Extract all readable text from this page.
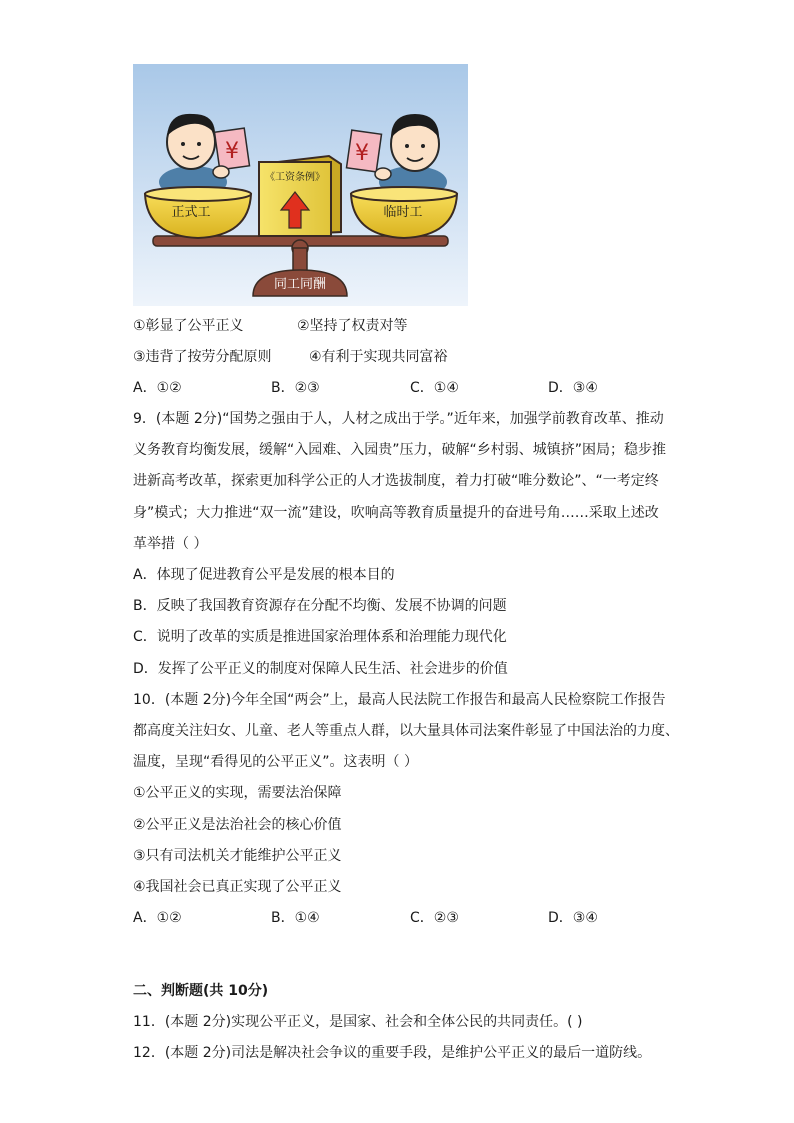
¥	¥
同工同酬
正式工	临时工
《工资条例》
①彰显了公平正义	②坚持了权责对等
③违背了按劳分配原则	④有利于实现共同富裕
A．①②	B．②③	C．①④	D．③④
9．(本题 2分)“国势之强由于人，人材之成出于学。”近年来，加强学前教育改革、推动
义务教育均衡发展，缓解“入园难、入园贵”压力，破解“乡村弱、城镇挤”困局；稳步推
进新高考改革，探索更加科学公正的人才选拔制度，着力打破“唯分数论”、“一考定终
身”模式；大力推进“双一流”建设，吹响高等教育质量提升的奋进号角……采取上述改
革举措（ ）
A．体现了促进教育公平是发展的根本目的
B．反映了我国教育资源存在分配不均衡、发展不协调的问题
C．说明了改革的实质是推进国家治理体系和治理能力现代化
D．发挥了公平正义的制度对保障人民生活、社会进步的价值
10．(本题 2分)今年全国“两会”上，最高人民法院工作报告和最高人民检察院工作报告
都高度关注妇女、儿童、老人等重点人群，以大量具体司法案件彰显了中国法治的力度、
温度，呈现“看得见的公平正义”。这表明（ ）
①公平正义的实现，需要法治保障
②公平正义是法治社会的核心价值
③只有司法机关才能维护公平正义
④我国社会已真正实现了公平正义
A．①②	B．①④	C．②③	D．③④
二、判断题(共 10分)
11．(本题 2分)实现公平正义，是国家、社会和全体公民的共同责任。( )
12．(本题 2分)司法是解决社会争议的重要手段，是维护公平正义的最后一道防线。
